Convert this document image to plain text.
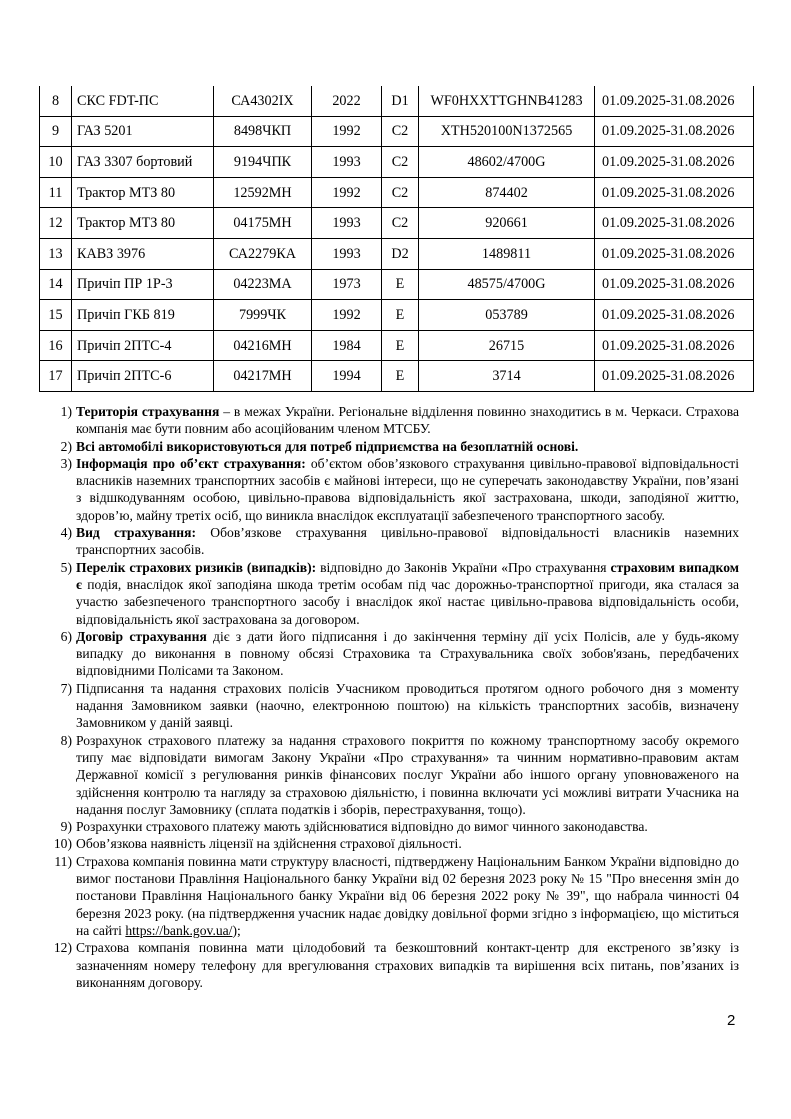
8	СКС FDT-ПС	СА4302ІХ	2022	D1	WF0HXXTTGHNB41283	01.09.2025-31.08.2026
9	ГАЗ 5201	8498ЧКП	1992	C2	XTH520100N1372565	01.09.2025-31.08.2026
10	ГАЗ 3307 бортовий	9194ЧПК	1993	C2	48602/4700G	01.09.2025-31.08.2026
11	Трактор МТЗ 80	12592МН	1992	C2	874402	01.09.2025-31.08.2026
12	Трактор МТЗ 80	04175МН	1993	C2	920661	01.09.2025-31.08.2026
13	КАВЗ 3976	СА2279КА	1993	D2	1489811	01.09.2025-31.08.2026
14	Причіп ПР 1Р-3	04223МА	1973	E	48575/4700G	01.09.2025-31.08.2026
15	Причіп ГКБ 819	7999ЧК	1992	E	053789	01.09.2025-31.08.2026
16	Причіп 2ПТС-4	04216МН	1984	E	26715	01.09.2025-31.08.2026
17	Причіп 2ПТС-6	04217МН	1994	E	3714	01.09.2025-31.08.2026
1) Територія страхування – в межах України. Регіональне відділення повинно знаходитись в м. Черкаси. Страхова компанія має бути повним або асоційованим членом МТСБУ.
2) Всі автомобілі використовуються для потреб підприємства на безоплатній основі.
3) Інформація про об’єкт страхування: об’єктом обов’язкового страхування цивільно-правової відповідальності власників наземних транспортних засобів є майнові інтереси, що не суперечать законодавству України, пов’язані з відшкодуванням особою, цивільно-правова відповідальність якої застрахована, шкоди, заподіяної життю, здоров’ю, майну третіх осіб, що виникла внаслідок експлуатації забезпеченого транспортного засобу.
4) Вид страхування: Обов’язкове страхування цивільно-правової відповідальності власників наземних транспортних засобів.
5) Перелік страхових ризиків (випадків): відповідно до Законів України «Про страхування страховим випадком є подія, внаслідок якої заподіяна шкода третім особам під час дорожньо-транспортної пригоди, яка сталася за участю забезпеченого транспортного засобу і внаслідок якої настає цивільно-правова відповідальність особи, відповідальність якої застрахована за договором.
6) Договір страхування діє з дати його підписання і до закінчення терміну дії усіх Полісів, але у будь-якому випадку до виконання в повному обсязі Страховика та Страхувальника своїх зобов'язань, передбачених відповідними Полісами та Законом.
7) Підписання та надання страхових полісів Учасником проводиться протягом одного робочого дня з моменту надання Замовником заявки (наочно, електронною поштою) на кількість транспортних засобів, визначену Замовником у даній заявці.
8) Розрахунок страхового платежу за надання страхового покриття по кожному транспортному засобу окремого типу має відповідати вимогам Закону України «Про страхування» та чинним нормативно-правовим актам Державної комісії з регулювання ринків фінансових послуг України або іншого органу уповноваженого на здійснення контролю та нагляду за страховою діяльністю, і повинна включати усі можливі витрати Учасника на надання послуг Замовнику (сплата податків і зборів, перестрахування, тощо).
9) Розрахунки страхового платежу мають здійснюватися відповідно до вимог чинного законодавства.
10) Обов’язкова наявність ліцензії на здійснення страхової діяльності.
11) Страхова компанія повинна мати структуру власності, підтверджену Національним Банком України відповідно до вимог постанови Правління Національного банку України від 02 березня 2023 року № 15 "Про внесення змін до постанови Правління Національного банку України від 06 березня 2022 року № 39", що набрала чинності 04 березня 2023 року. (на підтвердження учасник надає довідку довільної форми згідно з інформацією, що міститься на сайті https://bank.gov.ua/);
12) Страхова компанія повинна мати цілодобовий та безкоштовний контакт-центр для екстреного зв’язку із зазначенням номеру телефону для врегулювання страхових випадків та вирішення всіх питань, пов’язаних із виконанням договору.
2
